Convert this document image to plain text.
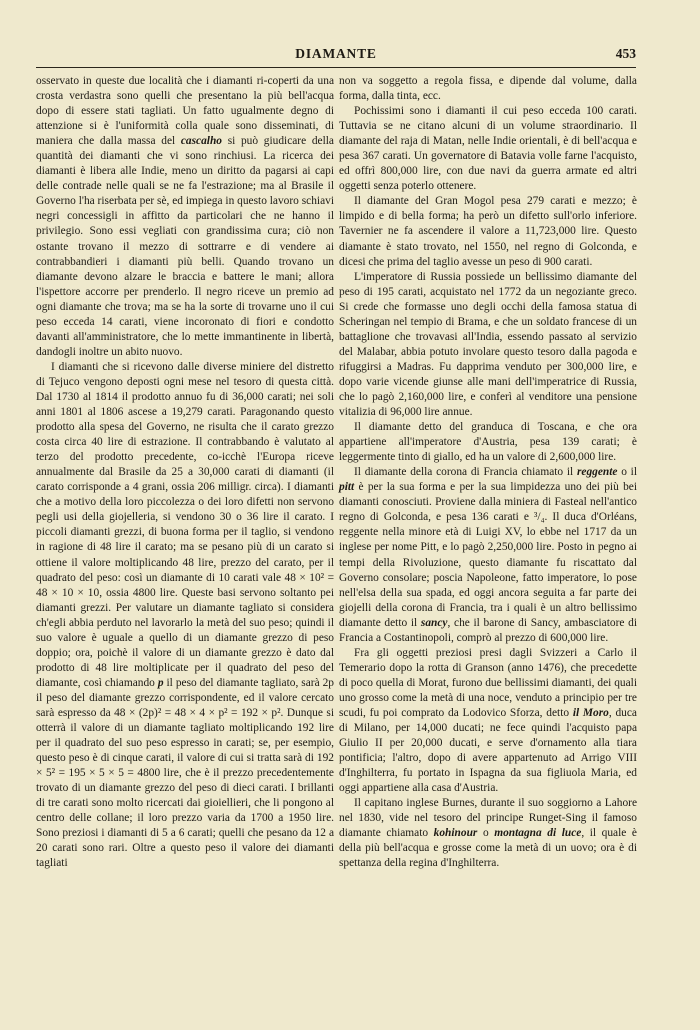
DIAMANTE	453

osservato in queste due località che i diamanti ri-coperti da una crosta verdastra sono quelli che presentano la più bell'acqua dopo di essere stati tagliati. Un fatto ugualmente degno di attenzione si è l'uniformità colla quale sono disseminati, di maniera che dalla massa del cascalho si può giudicare della quantità dei diamanti che vi sono rinchiusi. La ricerca dei diamanti è libera alle Indie, meno un diritto da pagarsi ai capi delle contrade nelle quali se ne fa l'estrazione; ma al Brasile il Governo l'ha riserbata per sè, ed impiega in questo lavoro schiavi negri concessigli in affitto da particolari che ne hanno il privilegio. Sono essi vegliati con grandissima cura; ciò non ostante trovano il mezzo di sottrarre e di vendere ai contrabbandieri i diamanti più belli. Quando trovano un diamante devono alzare le braccia e battere le mani; allora l'ispettore accorre per prenderlo. Il negro riceve un premio ad ogni diamante che trova; ma se ha la sorte di trovarne uno il cui peso ecceda 14 carati, viene incoronato di fiori e condotto davanti all'amministratore, che lo mette immantinente in libertà, dandogli inoltre un abito nuovo.

I diamanti che si ricevono dalle diverse miniere del distretto di Tejuco vengono deposti ogni mese nel tesoro di questa città. Dal 1730 al 1814 il prodotto annuo fu di 36,000 carati; nei soli anni 1801 al 1806 ascese a 19,279 carati. Paragonando questo prodotto alla spesa del Governo, ne risulta che il carato grezzo costa circa 40 lire di estrazione. Il contrabbando è valutato al terzo del prodotto precedente, co-icchè l'Europa riceve annualmente dal Brasile da 25 a 30,000 carati di diamanti (il carato corrisponde a 4 grani, ossia 206 milligr. circa). I diamanti che a motivo della loro piccolezza o dei loro difetti non servono pegli usi della giojelleria, si vendono 30 o 36 lire il carato. I piccoli diamanti grezzi, di buona forma per il taglio, si vendono in ragione di 48 lire il carato; ma se pesano più di un carato si ottiene il valore moltiplicando 48 lire, prezzo del carato, per il quadrato del peso: così un diamante di 10 carati vale 48 × 10² = 48 × 10 × 10, ossia 4800 lire. Queste basi servono soltanto pei diamanti grezzi. Per valutare un diamante tagliato si considera ch'egli abbia perduto nel lavorarlo la metà del suo peso; quindi il suo valore è uguale a quello di un diamante grezzo di peso doppio; ora, poichè il valore di un diamante grezzo è dato dal prodotto di 48 lire moltiplicate per il quadrato del peso del diamante, così chiamando p il peso del diamante tagliato, sarà 2p il peso del diamante grezzo corrispondente, ed il valore cercato sarà espresso da 48 × (2p)² = 48 × 4 × p² = 192 × p². Dunque si otterrà il valore di un diamante tagliato moltiplicando 192 lire per il quadrato del suo peso espresso in carati; se, per esempio, questo peso è di cinque carati, il valore di cui si tratta sarà di 192 × 5² = 195 × 5 × 5 = 4800 lire, che è il prezzo precedentemente trovato di un diamante grezzo del peso di dieci carati. I brillanti di tre carati sono molto ricercati dai gioiellieri, che li pongono al centro delle collane; il loro prezzo varia da 1700 a 1950 lire. Sono preziosi i diamanti di 5 a 6 carati; quelli che pesano da 12 a 20 carati sono rari. Oltre a questo peso il valore dei diamanti tagliati

non va soggetto a regola fissa, e dipende dal volume, dalla forma, dalla tinta, ecc.

Pochissimi sono i diamanti il cui peso ecceda 100 carati. Tuttavia se ne citano alcuni di un volume straordinario. Il diamante del raja di Matan, nelle Indie orientali, è di bell'acqua e pesa 367 carati. Un governatore di Batavia volle farne l'acquisto, ed offrì 800,000 lire, con due navi da guerra armate ed altri oggetti senza poterlo ottenere.

Il diamante del Gran Mogol pesa 279 carati e mezzo; è limpido e di bella forma; ha però un difetto sull'orlo inferiore. Tavernier ne fa ascendere il valore a 11,723,000 lire. Questo diamante è stato trovato, nel 1550, nel regno di Golconda, e dicesi che prima del taglio avesse un peso di 900 carati.

L'imperatore di Russia possiede un bellissimo diamante del peso di 195 carati, acquistato nel 1772 da un negoziante greco. Si crede che formasse uno degli occhi della famosa statua di Scheringan nel tempio di Brama, e che un soldato francese di un battaglione che trovavasi all'India, essendo passato al servizio del Malabar, abbia potuto involare questo tesoro dalla pagoda e rifuggirsi a Madras. Fu dapprima venduto per 300,000 lire, e dopo varie vicende giunse alle mani dell'imperatrice di Russia, che lo pagò 2,160,000 lire, e conferì al venditore una pensione vitalizia di 96,000 lire annue.

Il diamante detto del granduca di Toscana, e che ora appartiene all'imperatore d'Austria, pesa 139 carati; è leggermente tinto di giallo, ed ha un valore di 2,600,000 lire.

Il diamante della corona di Francia chiamato il reggente o il pitt è per la sua forma e per la sua limpidezza uno dei più bei diamanti conosciuti. Proviene dalla miniera di Fasteal nell'antico regno di Golconda, e pesa 136 carati e ³/₄. Il duca d'Orléans, reggente nella minore età di Luigi XV, lo ebbe nel 1717 da un inglese per nome Pitt, e lo pagò 2,250,000 lire. Posto in pegno ai tempi della Rivoluzione, questo diamante fu riscattato dal Governo consolare; poscia Napoleone, fatto imperatore, lo pose nell'elsa della sua spada, ed oggi ancora seguita a far parte dei giojelli della corona di Francia, tra i quali è un altro bellissimo diamante detto il sancy, che il barone di Sancy, ambasciatore di Francia a Costantinopoli, comprò al prezzo di 600,000 lire.

Fra gli oggetti preziosi presi dagli Svizzeri a Carlo il Temerario dopo la rotta di Granson (anno 1476), che precedette di poco quella di Morat, furono due bellissimi diamanti, dei quali uno grosso come la metà di una noce, venduto a principio per tre scudi, fu poi comprato da Lodovico Sforza, detto il Moro, duca di Milano, per 14,000 ducati; ne fece quindi l'acquisto papa Giulio II per 20,000 ducati, e serve d'ornamento alla tiara pontificia; l'altro, dopo di avere appartenuto ad Arrigo VIII d'Inghilterra, fu portato in Ispagna da sua figliuola Maria, ed oggi appartiene alla casa d'Austria.

Il capitano inglese Burnes, durante il suo soggiorno a Lahore nel 1830, vide nel tesoro del principe Runget-Sing il famoso diamante chiamato kohinour o montagna di luce, il quale è della più bell'acqua e grosse come la metà di un uovo; ora è di spettanza della regina d'Inghilterra.
